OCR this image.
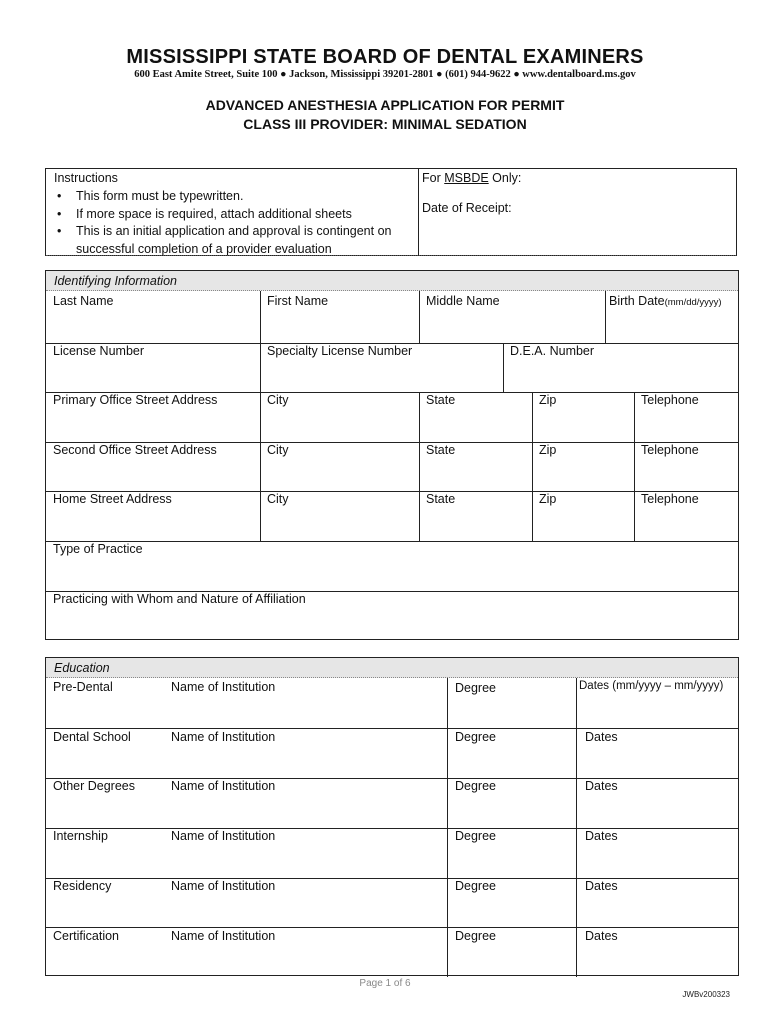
MISSISSIPPI STATE BOARD OF DENTAL EXAMINERS
600 East Amite Street, Suite 100 ● Jackson, Mississippi 39201-2801 ● (601) 944-9622 ● www.dentalboard.ms.gov
ADVANCED ANESTHESIA APPLICATION FOR PERMIT
CLASS III PROVIDER: MINIMAL SEDATION
Instructions
• This form must be typewritten.
• If more space is required, attach additional sheets
• This is an initial application and approval is contingent on successful completion of a provider evaluation
For MSBDE Only:
Date of Receipt:
Identifying Information
Last Name	First Name	Middle Name	Birth Date(mm/dd/yyyy)
License Number	Specialty License Number	D.E.A. Number
Primary Office Street Address	City	State	Zip	Telephone
Second Office Street Address	City	State	Zip	Telephone
Home Street Address	City	State	Zip	Telephone
Type of Practice
Practicing with Whom and Nature of Affiliation
Education
Pre-Dental	Name of Institution	Degree	Dates (mm/yyyy – mm/yyyy)
Dental School	Name of Institution	Degree	Dates
Other Degrees	Name of Institution	Degree	Dates
Internship	Name of Institution	Degree	Dates
Residency	Name of Institution	Degree	Dates
Certification	Name of Institution	Degree	Dates
Page 1 of 6
JWBv200323
